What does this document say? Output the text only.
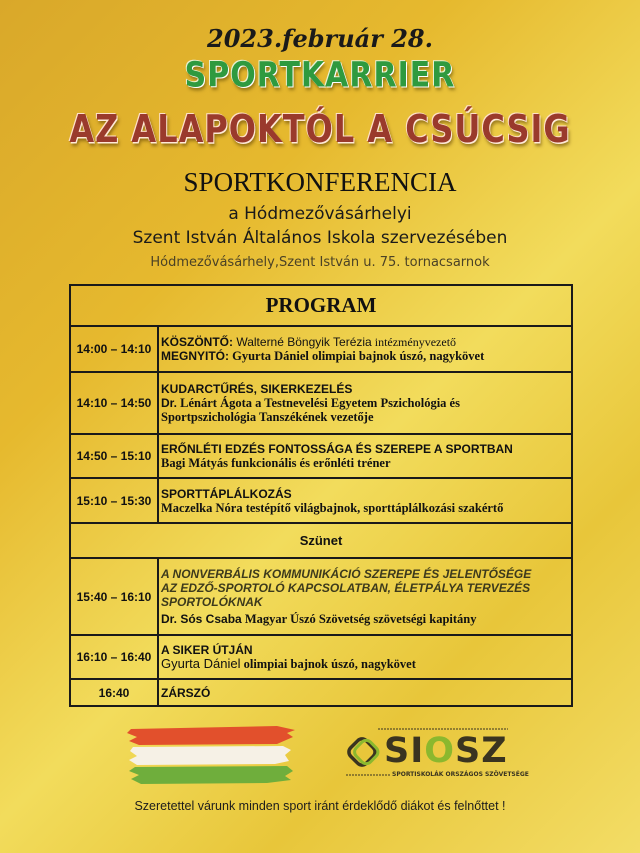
2023.február 28.
SPORTKARRIER
AZ ALAPOKTÓL A CSÚCSIG
SPORTKONFERENCIA
a Hódmezővásárhelyi
Szent István Általános Iskola szervezésében
Hódmezővásárhely,Szent István u. 75. tornacsarnok
PROGRAM	
14:00 – 14:10	KÖSZÖNTŐ: Walterné Böngyik Terézia intézményvezető
MEGNYITÓ: Gyurta Dániel olimpiai bajnok úszó, nagykövet

14:10 – 14:50	KUDARCTŰRÉS, SIKERKEZELÉS
Dr. Lénárt Ágota a Testnevelési Egyetem Pszichológia és
Sportpszichológia Tanszékének vezetője

14:50 – 15:10	ERŐNLÉTI EDZÉS FONTOSSÁGA ÉS SZEREPE A SPORTBAN
Bagi Mátyás funkcionális és erőnléti tréner

15:10 – 15:30	SPORTTÁPLÁLKOZÁS
Maczelka Nóra testépítő világbajnok, sporttáplálkozási szakértő

Szünet	
15:40 – 16:10	A NONVERBÁLIS KOMMUNIKÁCIÓ SZEREPE ÉS JELENTŐSÉGE
AZ EDZŐ-SPORTOLÓ KAPCSOLATBAN, ÉLETPÁLYA TERVEZÉS
SPORTOLÓKNAK
Dr. Sós Csaba Magyar Úszó Szövetség szövetségi kapitány

16:10 – 16:40	A SIKER ÚTJÁN
Gyurta Dániel olimpiai bajnok úszó, nagykövet

16:40	ZÁRSZÓ
SIOSZ
SPORTISKOLÁK ORSZÁGOS SZÖVETSÉGE
Szeretettel várunk minden sport iránt érdeklődő diákot és felnőttet !
